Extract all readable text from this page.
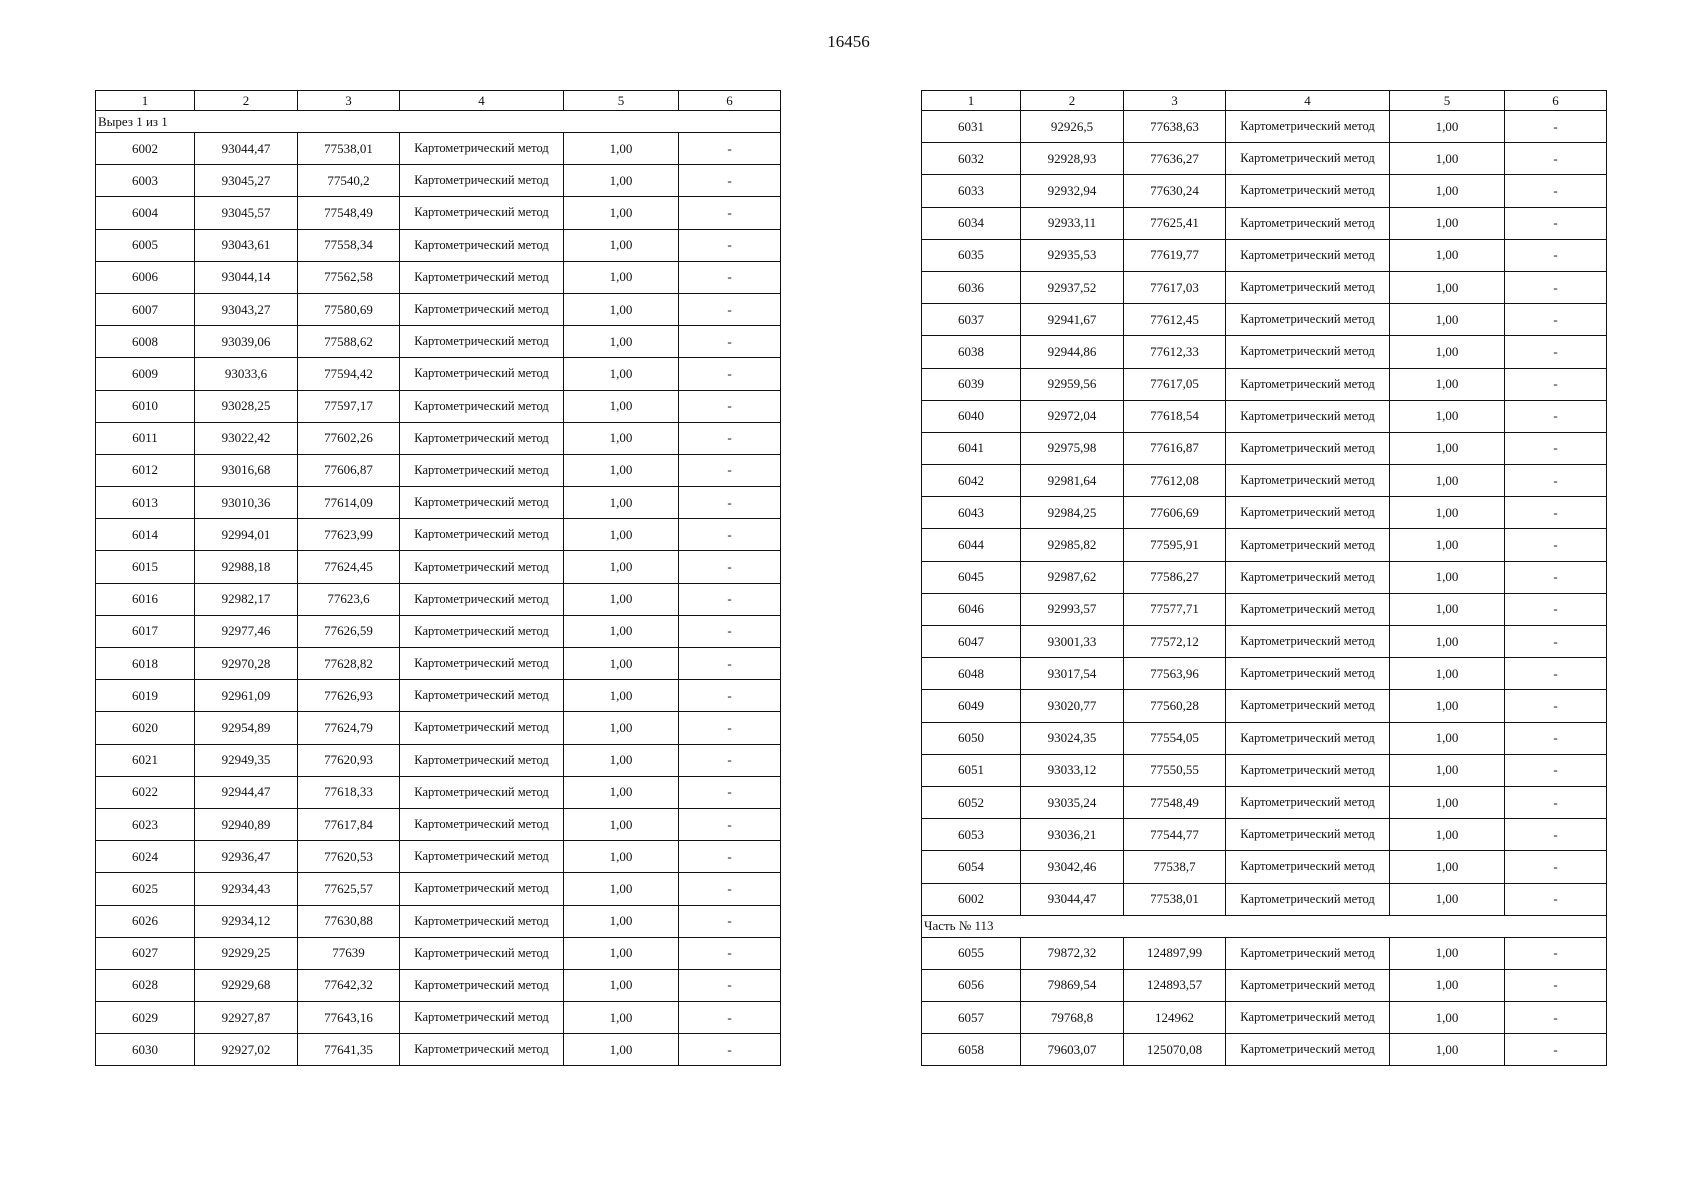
16456
1	2	3	4	5	6
Вырез 1 из 1					
6002	93044,47	77538,01	Картометрический метод	1,00	-
6003	93045,27	77540,2	Картометрический метод	1,00	-
6004	93045,57	77548,49	Картометрический метод	1,00	-
6005	93043,61	77558,34	Картометрический метод	1,00	-
6006	93044,14	77562,58	Картометрический метод	1,00	-
6007	93043,27	77580,69	Картометрический метод	1,00	-
6008	93039,06	77588,62	Картометрический метод	1,00	-
6009	93033,6	77594,42	Картометрический метод	1,00	-
6010	93028,25	77597,17	Картометрический метод	1,00	-
6011	93022,42	77602,26	Картометрический метод	1,00	-
6012	93016,68	77606,87	Картометрический метод	1,00	-
6013	93010,36	77614,09	Картометрический метод	1,00	-
6014	92994,01	77623,99	Картометрический метод	1,00	-
6015	92988,18	77624,45	Картометрический метод	1,00	-
6016	92982,17	77623,6	Картометрический метод	1,00	-
6017	92977,46	77626,59	Картометрический метод	1,00	-
6018	92970,28	77628,82	Картометрический метод	1,00	-
6019	92961,09	77626,93	Картометрический метод	1,00	-
6020	92954,89	77624,79	Картометрический метод	1,00	-
6021	92949,35	77620,93	Картометрический метод	1,00	-
6022	92944,47	77618,33	Картометрический метод	1,00	-
6023	92940,89	77617,84	Картометрический метод	1,00	-
6024	92936,47	77620,53	Картометрический метод	1,00	-
6025	92934,43	77625,57	Картометрический метод	1,00	-
6026	92934,12	77630,88	Картометрический метод	1,00	-
6027	92929,25	77639	Картометрический метод	1,00	-
6028	92929,68	77642,32	Картометрический метод	1,00	-
6029	92927,87	77643,16	Картометрический метод	1,00	-
6030	92927,02	77641,35	Картометрический метод	1,00	-
1	2	3	4	5	6
6031	92926,5	77638,63	Картометрический метод	1,00	-
6032	92928,93	77636,27	Картометрический метод	1,00	-
6033	92932,94	77630,24	Картометрический метод	1,00	-
6034	92933,11	77625,41	Картометрический метод	1,00	-
6035	92935,53	77619,77	Картометрический метод	1,00	-
6036	92937,52	77617,03	Картометрический метод	1,00	-
6037	92941,67	77612,45	Картометрический метод	1,00	-
6038	92944,86	77612,33	Картометрический метод	1,00	-
6039	92959,56	77617,05	Картометрический метод	1,00	-
6040	92972,04	77618,54	Картометрический метод	1,00	-
6041	92975,98	77616,87	Картометрический метод	1,00	-
6042	92981,64	77612,08	Картометрический метод	1,00	-
6043	92984,25	77606,69	Картометрический метод	1,00	-
6044	92985,82	77595,91	Картометрический метод	1,00	-
6045	92987,62	77586,27	Картометрический метод	1,00	-
6046	92993,57	77577,71	Картометрический метод	1,00	-
6047	93001,33	77572,12	Картометрический метод	1,00	-
6048	93017,54	77563,96	Картометрический метод	1,00	-
6049	93020,77	77560,28	Картометрический метод	1,00	-
6050	93024,35	77554,05	Картометрический метод	1,00	-
6051	93033,12	77550,55	Картометрический метод	1,00	-
6052	93035,24	77548,49	Картометрический метод	1,00	-
6053	93036,21	77544,77	Картометрический метод	1,00	-
6054	93042,46	77538,7	Картометрический метод	1,00	-
6002	93044,47	77538,01	Картометрический метод	1,00	-
Часть № 113					
6055	79872,32	124897,99	Картометрический метод	1,00	-
6056	79869,54	124893,57	Картометрический метод	1,00	-
6057	79768,8	124962	Картометрический метод	1,00	-
6058	79603,07	125070,08	Картометрический метод	1,00	-
